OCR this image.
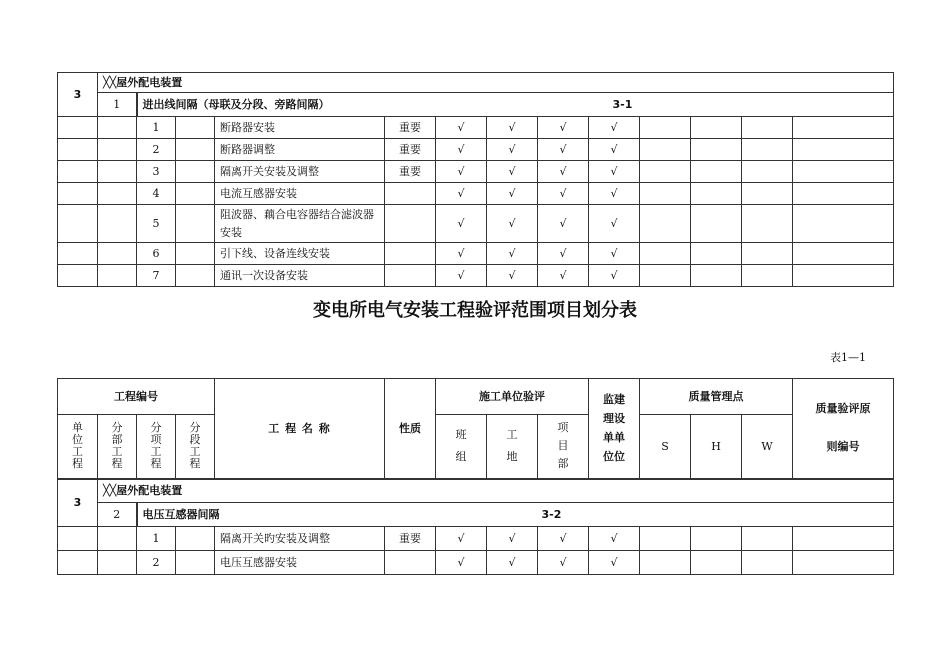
3	╳╳屋外配电装置												
	1	进出线间隔（母联及分段、旁路间隔） 3-1											

		1		断路器安装	重要	√	√	√	√				
		2		断路器调整	重要	√	√	√	√				
		3		隔离开关安装及调整	重要	√	√	√	√				
		4		电流互感器安装		√	√	√	√				
		5		阻波器、藕合电容器结合滤波器安装		√	√	√	√				
		6		引下线、设备连线安装		√	√	√	√				
		7		通讯一次设备安装		√	√	√	√				
变电所电气安装工程验评范围项目划分表
表1—1
工程编号				工 程 名 称	性质	施工单位验评			监建理设单单位位	质量管理点			质量验评原则编号
单位工程	分部工程	分项工程	分段工程			班组	工地	项目部		S	H	W	
3	╳╳屋外配电装置												
	2	电压互感器间隔 3-2											

		1		隔离开关旳安装及调整	重要	√	√	√	√				
		2		电压互感器安装		√	√	√	√				
